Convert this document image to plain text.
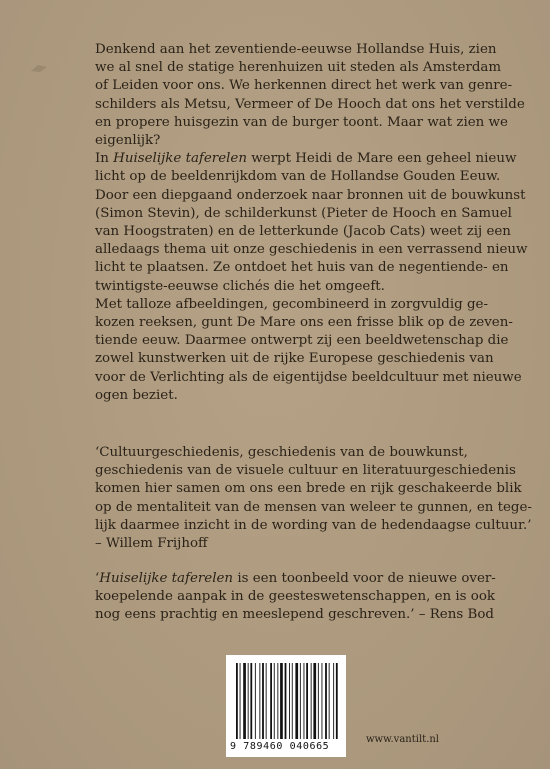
Denkend aan het zeventiende-eeuwse Hollandse Huis, zien
we al snel de statige herenhuizen uit steden als Amsterdam
of Leiden voor ons. We herkennen direct het werk van genre-
schilders als Metsu, Vermeer of De Hooch dat ons het verstilde
en propere huisgezin van de burger toont. Maar wat zien we
eigenlijk?
In Huiselijke taferelen werpt Heidi de Mare een geheel nieuw
licht op de beeldenrijkdom van de Hollandse Gouden Eeuw.
Door een diepgaand onderzoek naar bronnen uit de bouwkunst
(Simon Stevin), de schilderkunst (Pieter de Hooch en Samuel
van Hoogstraten) en de letterkunde (Jacob Cats) weet zij een
alledaags thema uit onze geschiedenis in een verrassend nieuw
licht te plaatsen. Ze ontdoet het huis van de negentiende- en
twintigste-eeuwse clichés die het omgeeft.
Met talloze afbeeldingen, gecombineerd in zorgvuldig ge-
kozen reeksen, gunt De Mare ons een frisse blik op de zeven-
tiende eeuw. Daarmee ontwerpt zij een beeldwetenschap die
zowel kunstwerken uit de rijke Europese geschiedenis van
voor de Verlichting als de eigentijdse beeldcultuur met nieuwe
ogen beziet.
‘Cultuurgeschiedenis, geschiedenis van de bouwkunst,
geschiedenis van de visuele cultuur en literatuurgeschiedenis
komen hier samen om ons een brede en rijk geschakeerde blik
op de mentaliteit van de mensen van weleer te gunnen, en tege-
lijk daarmee inzicht in de wording van de hedendaagse cultuur.’
– Willem Frijhoff
‘Huiselijke taferelen is een toonbeeld voor de nieuwe over-
koepelende aanpak in de geesteswetenschappen, en is ook
nog eens prachtig en meeslepend geschreven.’ – Rens Bod
9 789460 040665
www.vantilt.nl
